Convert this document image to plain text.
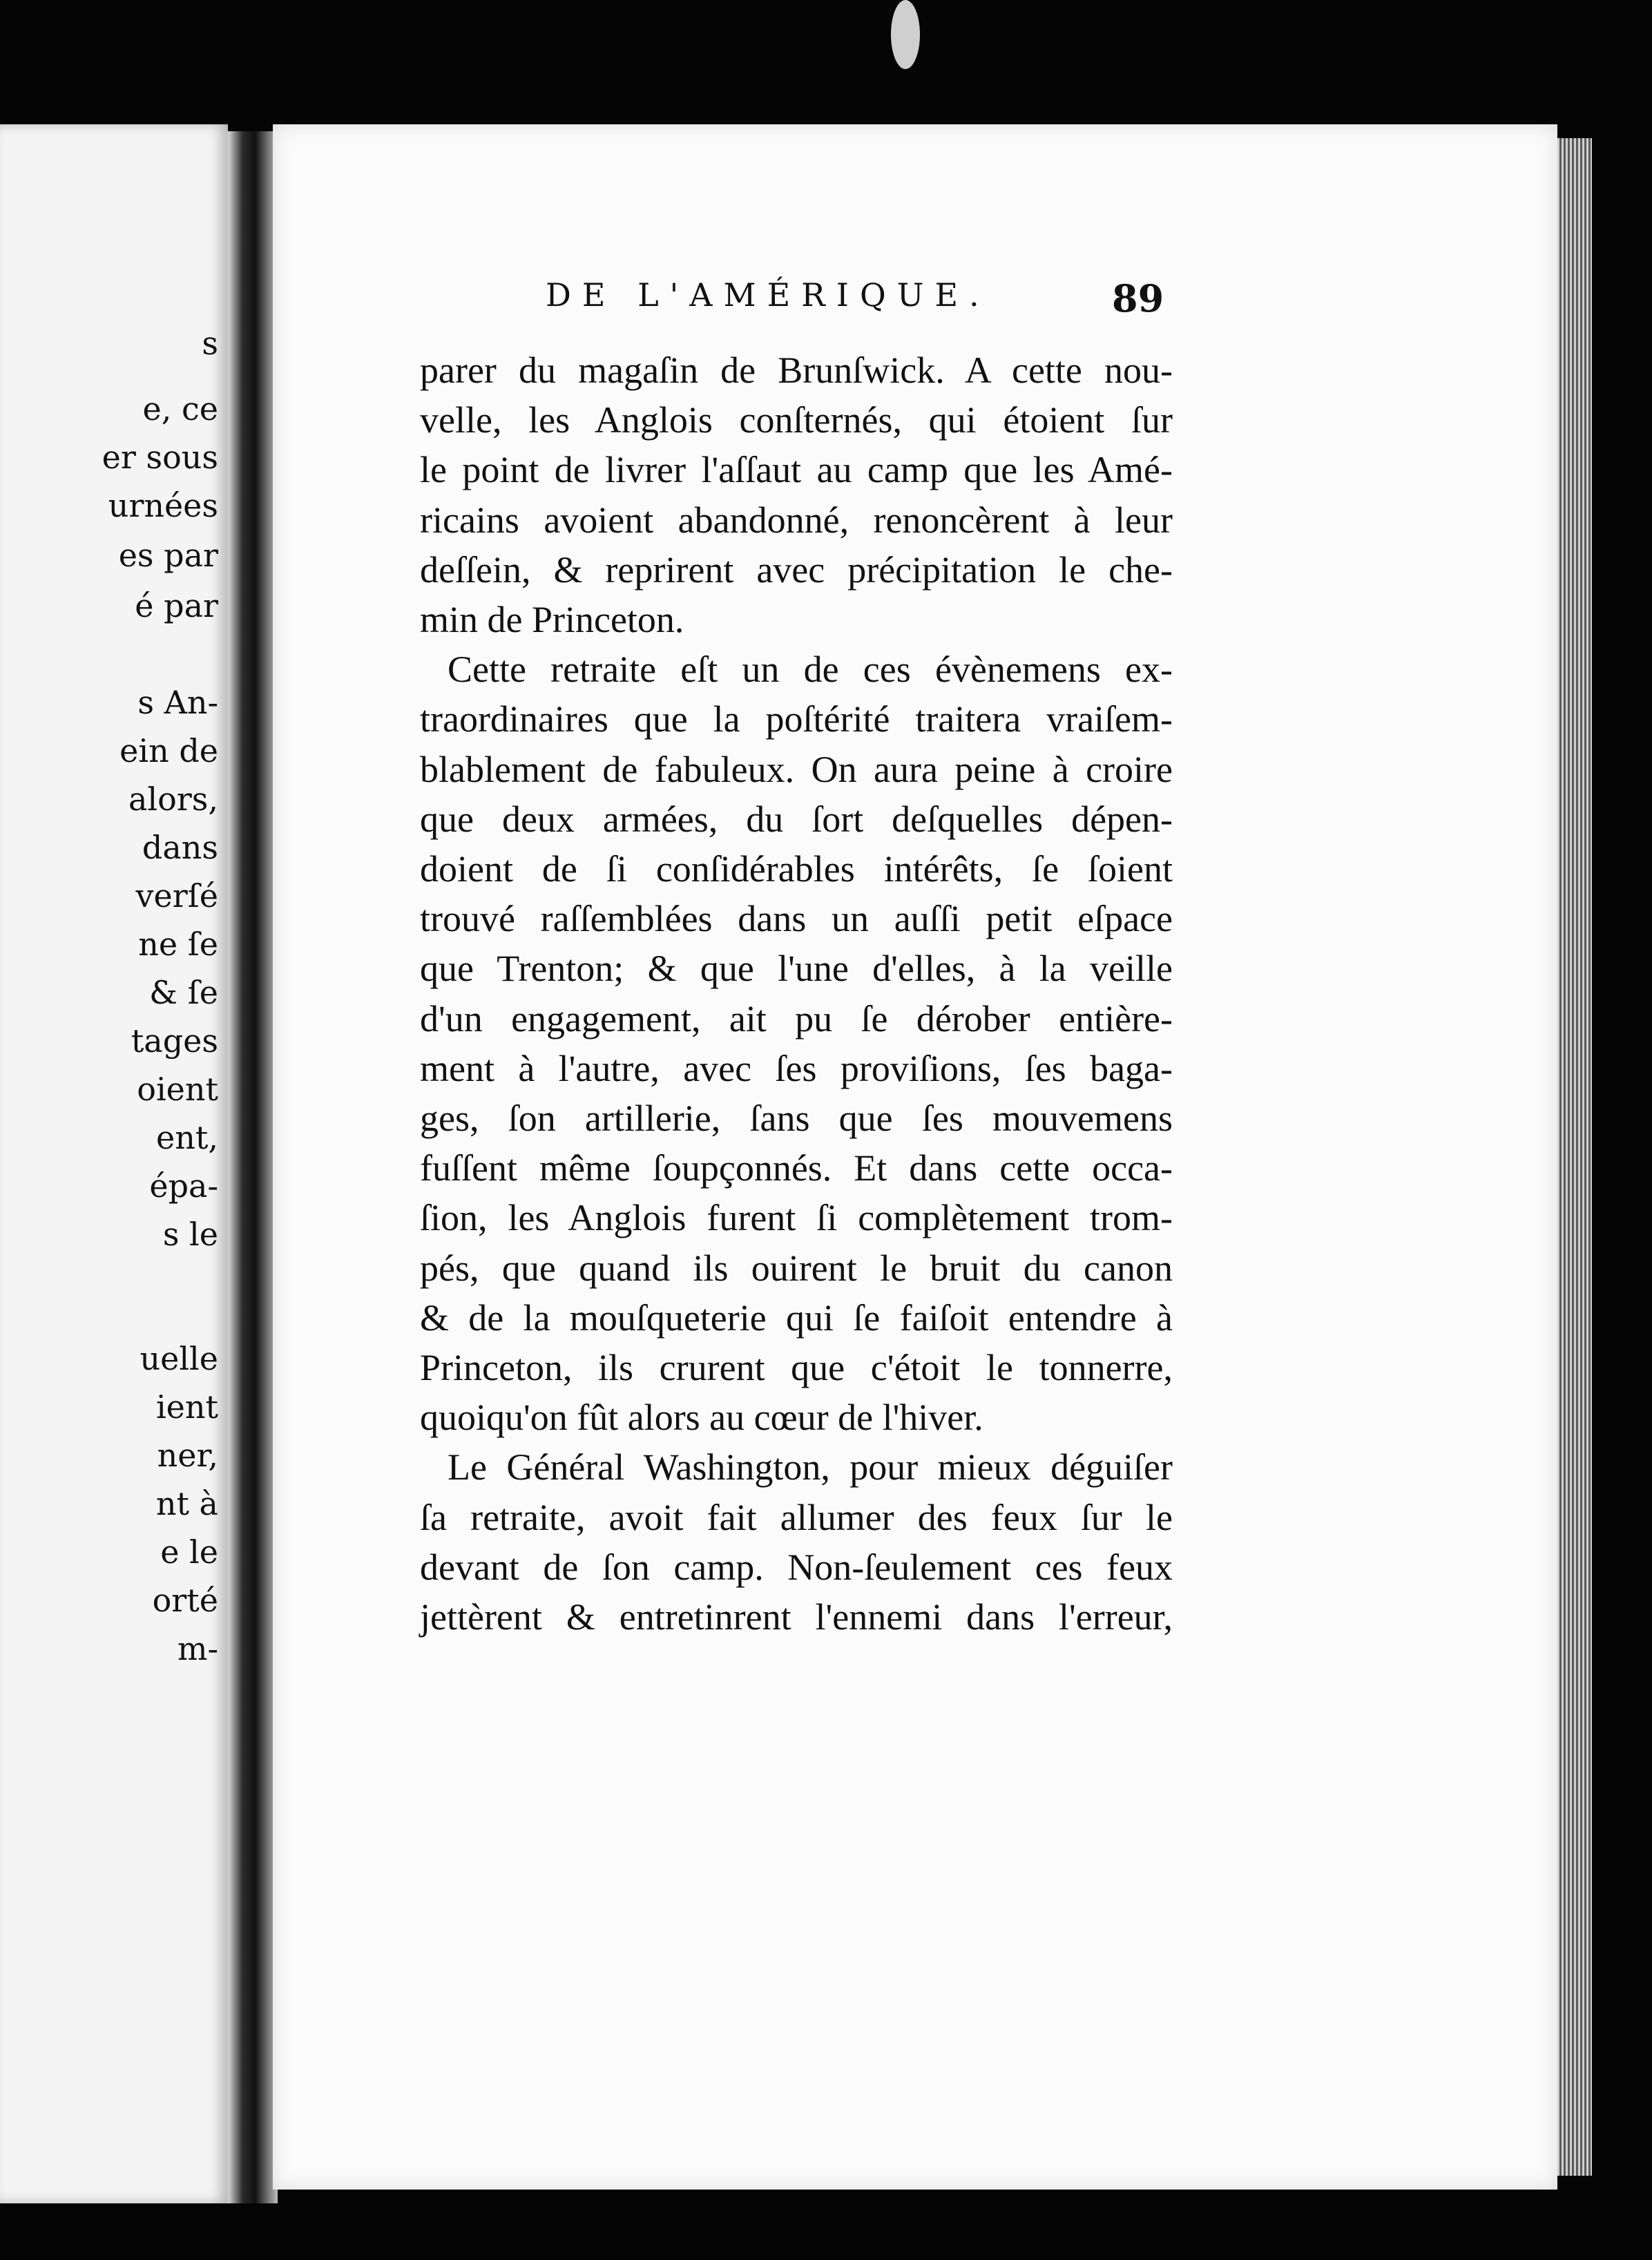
s
e, ce
er sous
urnées
es par
é par
s An-
ein de
alors,
dans
verſé
ne ſe
& ſe
tages
oient
ent,
épa-
s le
uelle
ient
ner,
nt à
e le
orté
m-
DE L'AMÉRIQUE.	89
parer du magaſin de Brunſwick. A cette nou-
velle, les Anglois conſternés, qui étoient ſur
le point de livrer l'aſſaut au camp que les Amé-
ricains avoient abandonné, renoncèrent à leur
deſſein, & reprirent avec précipitation le che-
min de Princeton.
Cette retraite eſt un de ces évènemens ex-
traordinaires que la poſtérité traitera vraiſem-
blablement de fabuleux. On aura peine à croire
que deux armées, du ſort deſquelles dépen-
doient de ſi conſidérables intérêts, ſe ſoient
trouvé raſſemblées dans un auſſi petit eſpace
que Trenton; & que l'une d'elles, à la veille
d'un engagement, ait pu ſe dérober entière-
ment à l'autre, avec ſes proviſions, ſes baga-
ges, ſon artillerie, ſans que ſes mouvemens
fuſſent même ſoupçonnés. Et dans cette occa-
ſion, les Anglois furent ſi complètement trom-
pés, que quand ils ouirent le bruit du canon
& de la mouſqueterie qui ſe faiſoit entendre à
Princeton, ils crurent que c'étoit le tonnerre,
quoiqu'on fût alors au cœur de l'hiver.
Le Général Washington, pour mieux déguiſer
ſa retraite, avoit fait allumer des feux ſur le
devant de ſon camp. Non-ſeulement ces feux
jettèrent & entretinrent l'ennemi dans l'erreur,
